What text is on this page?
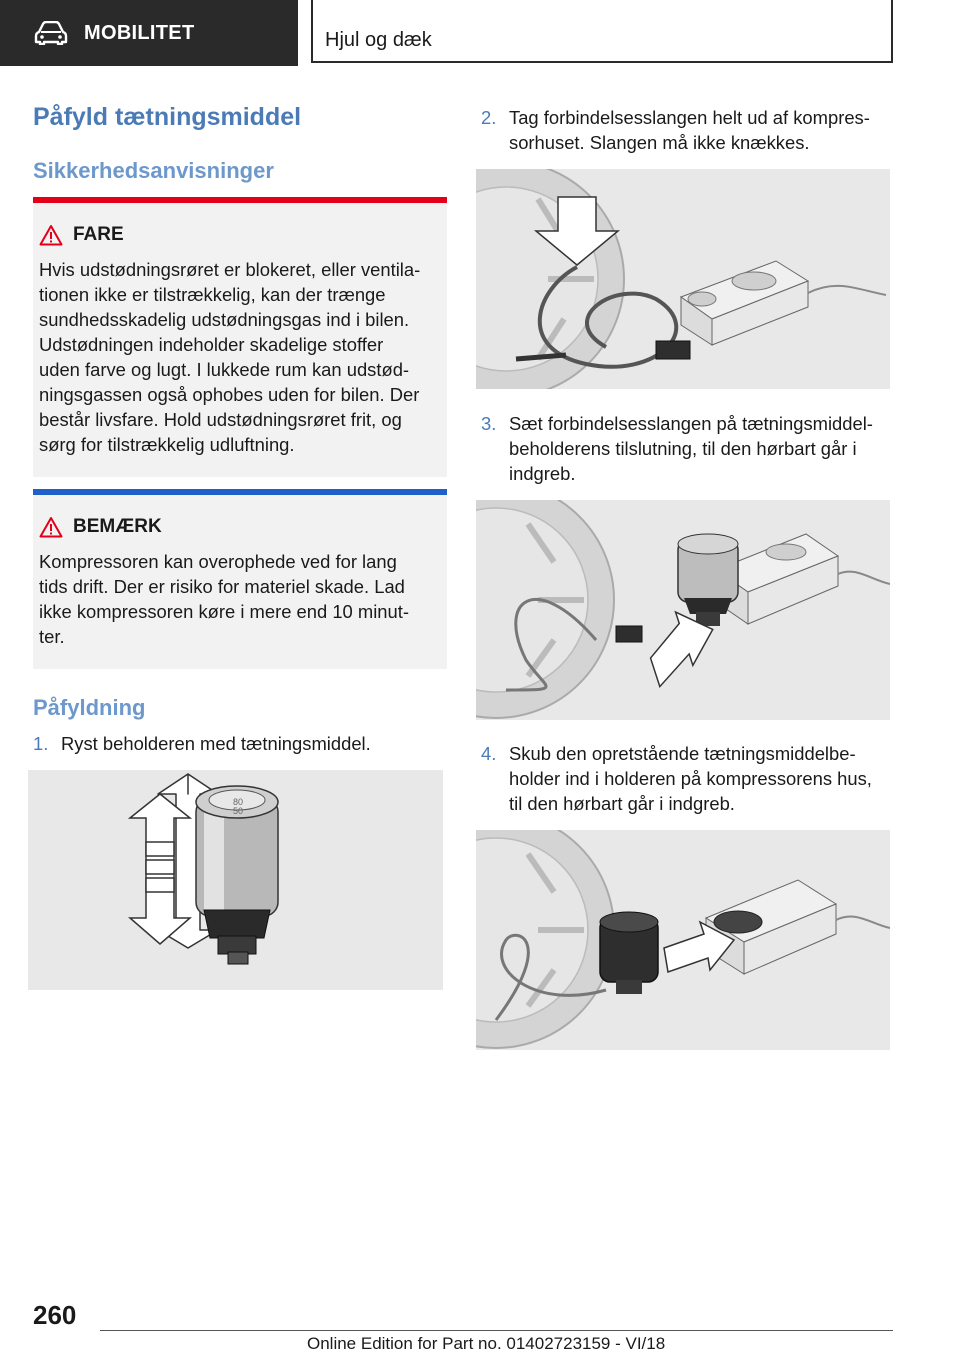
MOBILITET	Hjul og dæk
Påfyld tætningsmiddel
Sikkerhedsanvisninger
FARE

Hvis udstødningsrøret er blokeret, eller ventila-
tionen ikke er tilstrækkelig, kan der trænge
sundhedsskadelig udstødningsgas ind i bilen.
Udstødningen indeholder skadelige stoffer
uden farve og lugt. I lukkede rum kan udstød-
ningsgassen også ophobes uden for bilen. Der
består livsfare. Hold udstødningsrøret frit, og
sørg for tilstrækkelig udluftning.

BEMÆRK

Kompressoren kan overophede ved for lang
tids drift. Der er risiko for materiel skade. Lad
ikke kompressoren køre i mere end 10 minut-
ter.

Påfyldning
1. Ryst beholderen med tætningsmiddel.
80
50
2. Tag forbindelsesslangen helt ud af kompres-
sorhuset. Slangen må ikke knækkes.
3. Sæt forbindelsesslangen på tætningsmiddel-
beholderens tilslutning, til den hørbart går i
indgreb.
4. Skub den opretstående tætningsmiddelbe-
holder ind i holderen på kompressorens hus,
til den hørbart går i indgreb.
260
Online Edition for Part no. 01402723159 - VI/18
